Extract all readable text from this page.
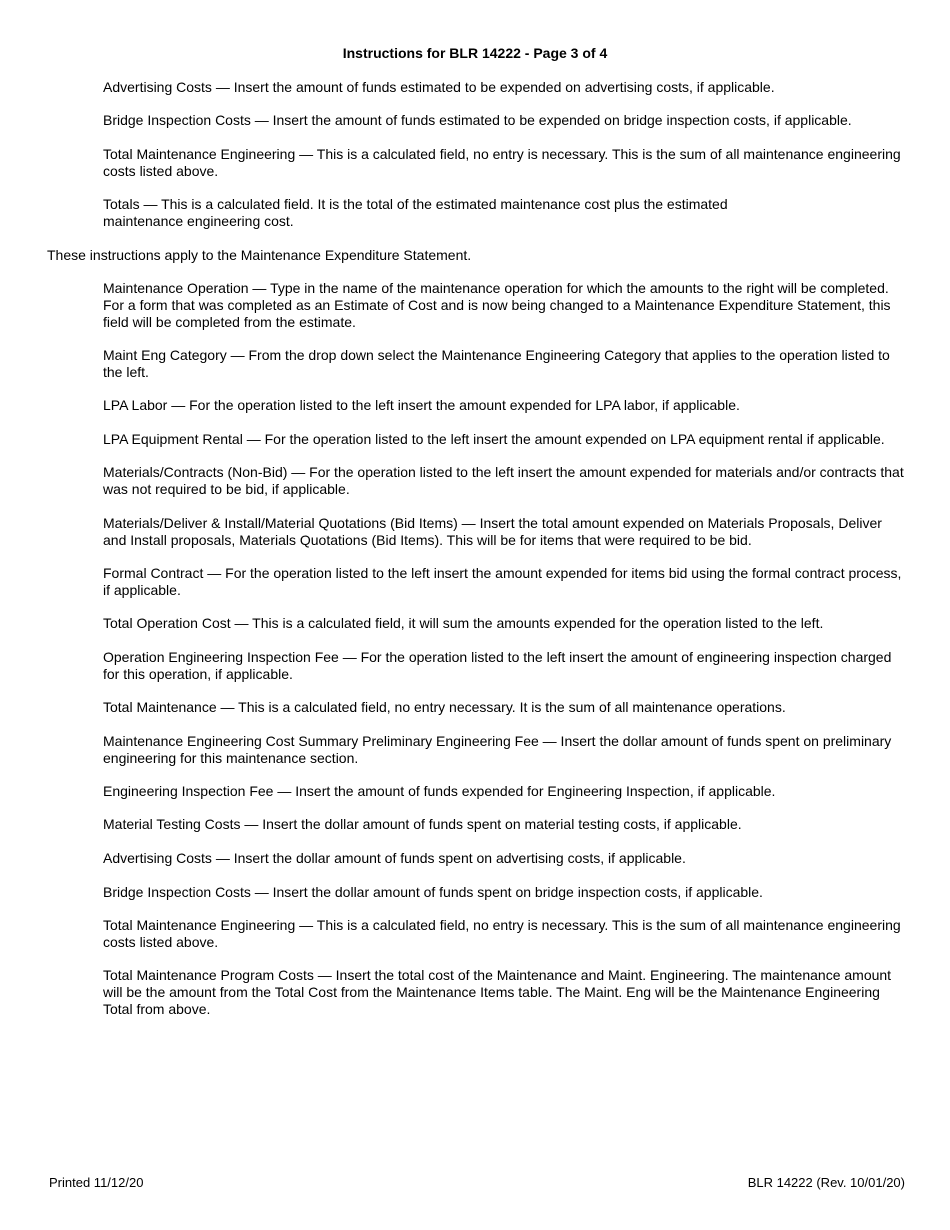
Instructions for BLR 14222 - Page 3 of 4

Advertising Costs — Insert the amount of funds estimated to be expended on advertising costs, if applicable.

Bridge Inspection Costs — Insert the amount of funds estimated to be expended on bridge inspection costs, if applicable.

Total Maintenance Engineering — This is a calculated field, no entry is necessary. This is the sum of all maintenance engineering costs listed above.

Totals — This is a calculated field. It is the total of the estimated maintenance cost plus the estimated
maintenance engineering cost.

These instructions apply to the Maintenance Expenditure Statement.

Maintenance Operation — Type in the name of the maintenance operation for which the amounts to the right will be completed. For a form that was completed as an Estimate of Cost and is now being changed to a Maintenance Expenditure Statement, this field will be completed from the estimate.

Maint Eng Category — From the drop down select the Maintenance Engineering Category that applies to the operation listed to the left.

LPA Labor — For the operation listed to the left insert the amount expended for LPA labor, if applicable.

LPA Equipment Rental — For the operation listed to the left insert the amount expended on LPA equipment rental if applicable.

Materials/Contracts (Non-Bid) — For the operation listed to the left insert the amount expended for materials and/or contracts that was not required to be bid, if applicable.

Materials/Deliver & Install/Material Quotations (Bid Items) — Insert the total amount expended on Materials Proposals, Deliver and Install proposals, Materials Quotations (Bid Items). This will be for items that were required to be bid.

Formal Contract — For the operation listed to the left insert the amount expended for items bid using the formal contract process, if applicable.

Total Operation Cost — This is a calculated field, it will sum the amounts expended for the operation listed to the left.

Operation Engineering Inspection Fee — For the operation listed to the left insert the amount of engineering inspection charged for this operation, if applicable.

Total Maintenance — This is a calculated field, no entry necessary. It is the sum of all maintenance operations.

Maintenance Engineering Cost Summary Preliminary Engineering Fee — Insert the dollar amount of funds spent on preliminary engineering for this maintenance section.

Engineering Inspection Fee — Insert the amount of funds expended for Engineering Inspection, if applicable.

Material Testing Costs — Insert the dollar amount of funds spent on material testing costs, if applicable.

Advertising Costs — Insert the dollar amount of funds spent on advertising costs, if applicable.

Bridge Inspection Costs — Insert the dollar amount of funds spent on bridge inspection costs, if applicable.

Total Maintenance Engineering — This is a calculated field, no entry is necessary. This is the sum of all maintenance engineering costs listed above.

Total Maintenance Program Costs — Insert the total cost of the Maintenance and Maint. Engineering. The maintenance amount will be the amount from the Total Cost from the Maintenance Items table. The Maint. Eng will be the Maintenance Engineering Total from above.

Printed 11/12/20	BLR 14222 (Rev. 10/01/20)
